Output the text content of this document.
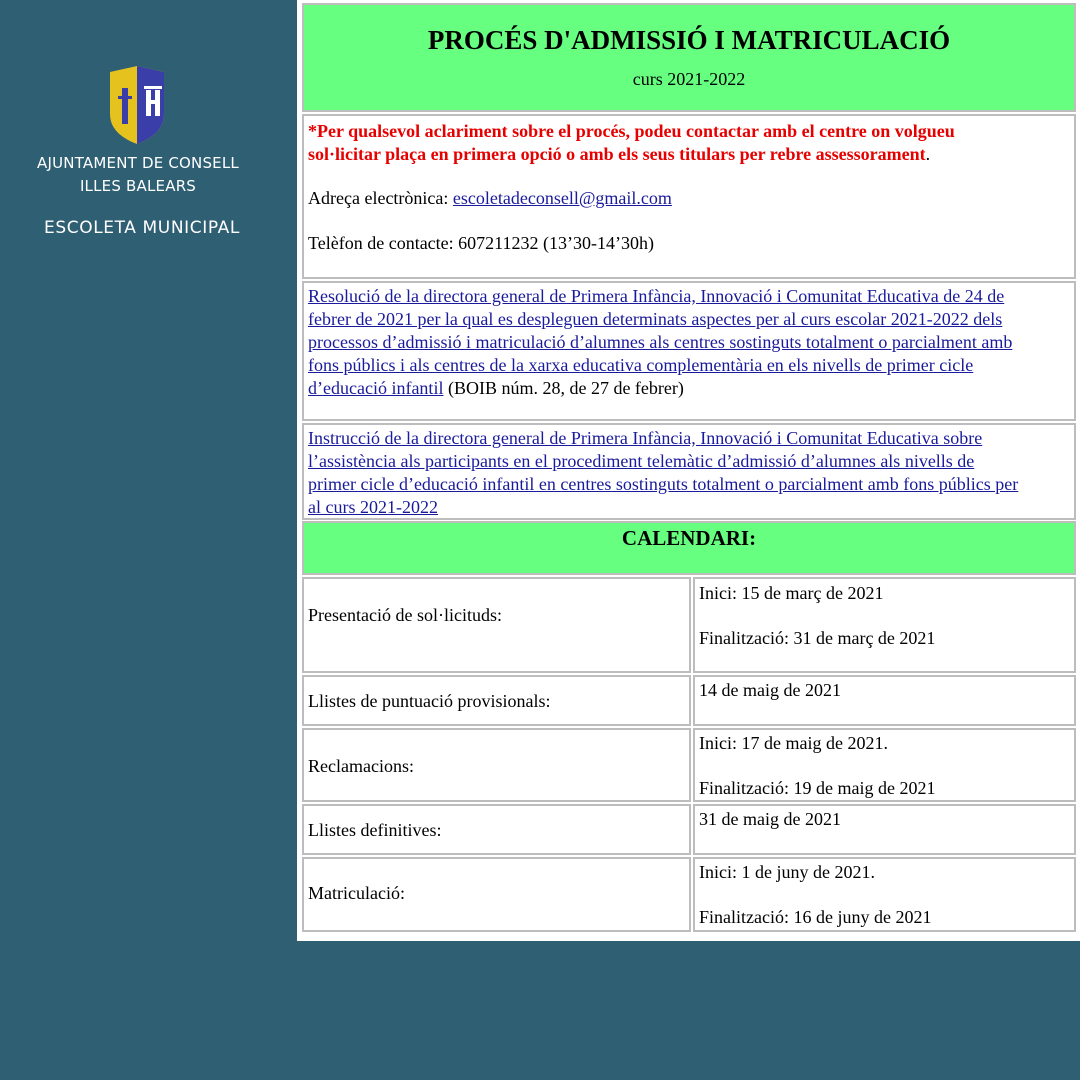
AJUNTAMENT DE CONSELL
ILLES BALEARS
ESCOLETA MUNICIPAL
PROCÉS D'ADMISSIÓ I MATRICULACIÓ
curs 2021-2022
*Per qualsevol aclariment sobre el procés, podeu contactar amb el centre on volgueu
sol·licitar plaça en primera opció o amb els seus titulars per rebre assessorament.
Adreça electrònica: escoletadeconsell@gmail.com
Telèfon de contacte: 607211232 (13’30-14’30h)
Resolució de la directora general de Primera Infància, Innovació i Comunitat Educativa de 24 de
febrer de 2021 per la qual es despleguen determinats aspectes per al curs escolar 2021-2022 dels
processos d’admissió i matriculació d’alumnes als centres sostinguts totalment o parcialment amb
fons públics i als centres de la xarxa educativa complementària en els nivells de primer cicle
d’educació infantil (BOIB núm. 28, de 27 de febrer)
Instrucció de la directora general de Primera Infància, Innovació i Comunitat Educativa sobre
l’assistència als participants en el procediment telemàtic d’admissió d’alumnes als nivells de
primer cicle d’educació infantil en centres sostinguts totalment o parcialment amb fons públics per
al curs 2021-2022
CALENDARI:
Presentació de sol·licituds:
Inici: 15 de març de 2021
Finalització: 31 de març de 2021
Llistes de puntuació provisionals:
14 de maig de 2021
Reclamacions:
Inici: 17 de maig de 2021.
Finalització: 19 de maig de 2021
Llistes definitives:
31 de maig de 2021
Matriculació:
Inici: 1 de juny de 2021.
Finalització: 16 de juny de 2021
